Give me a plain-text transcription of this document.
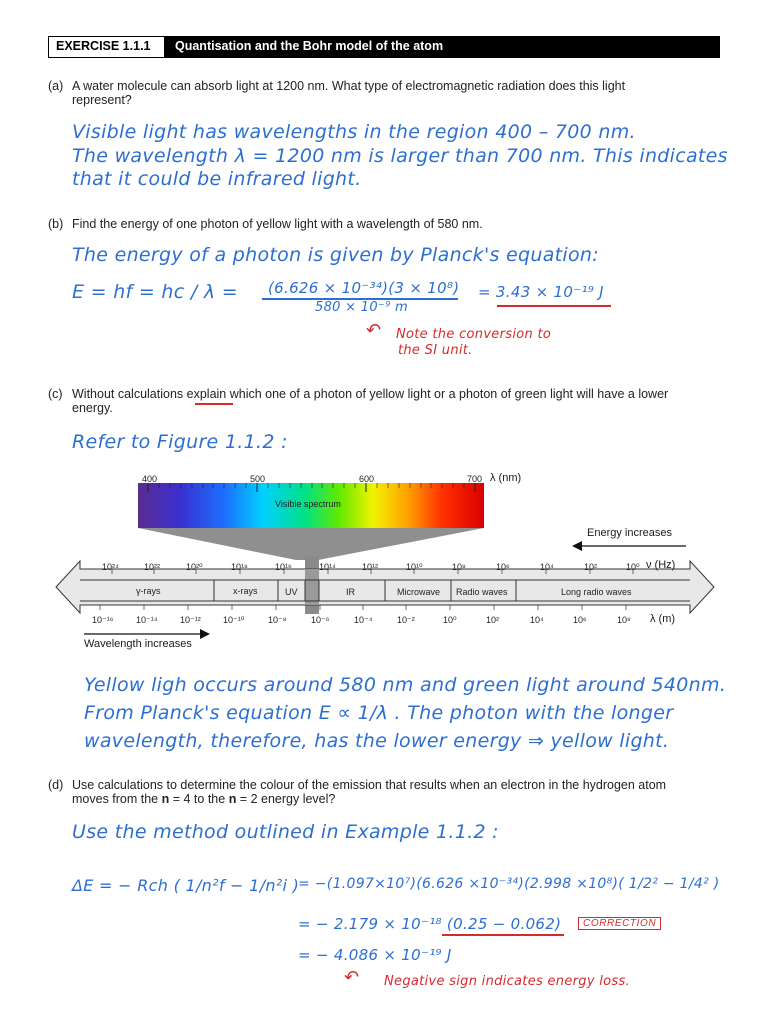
EXERCISE 1.1.1 Quantisation and the Bohr model of the atom
(a) A water molecule can absorb light at 1200 nm. What type of electromagnetic radiation does this light
represent?
Visible light has wavelengths in the region 400 – 700 nm.
The wavelength λ = 1200 nm is larger than 700 nm. This indicates
that it could be infrared light.
(b) Find the energy of one photon of yellow light with a wavelength of 580 nm.
The energy of a photon is given by Planck's equation:
E = hf = hc / λ = (6.626 × 10⁻³⁴)(3 × 10⁸)
580 × 10⁻⁹ m
= 3.43 × 10⁻¹⁹ J
↶ Note the conversion to
the SI unit.
(c) Without calculations explain which one of a photon of yellow light or a photon of green light will have a lower
energy.
Refer to Figure 1.1.2 :
400	500	600	700 λ (nm)
Visible spectrum
Energy increases
10²⁴	10²²	10²⁰	10¹⁸	10¹⁶	10¹⁴	10¹²	10¹⁰	10⁸	10⁶	10⁴	10²	10⁰ ν (Hz)
γ-rays	x-rays	UV	IR	Microwave Radio waves	Long radio waves
10⁻¹⁶	10⁻¹⁴ 10⁻¹² 10⁻¹⁰	10⁻⁸	10⁻⁶	10⁻⁴	10⁻²	10⁰	10²	10⁴	10⁶	10⁸ λ (m)
Wavelength increases
Yellow ligh occurs around 580 nm and green light around 540nm.
From Planck's equation E ∝ 1/λ . The photon with the longer
wavelength, therefore, has the lower energy ⇒ yellow light.
(d) Use calculations to determine the colour of the emission that results when an electron in the hydrogen atom
moves from the n = 4 to the n = 2 energy level?
Use the method outlined in Example 1.1.2 :
ΔE = − Rch ( 1/n²f − 1/n²i )
= −(1.097×10⁷)(6.626 ×10⁻³⁴)(2.998 ×10⁸)( 1/2² − 1/4² )
= − 2.179 × 10⁻¹⁸ (0.25 − 0.062)	CORRECTION
= − 4.086 × 10⁻¹⁹ J
↶ Negative sign indicates energy loss.
